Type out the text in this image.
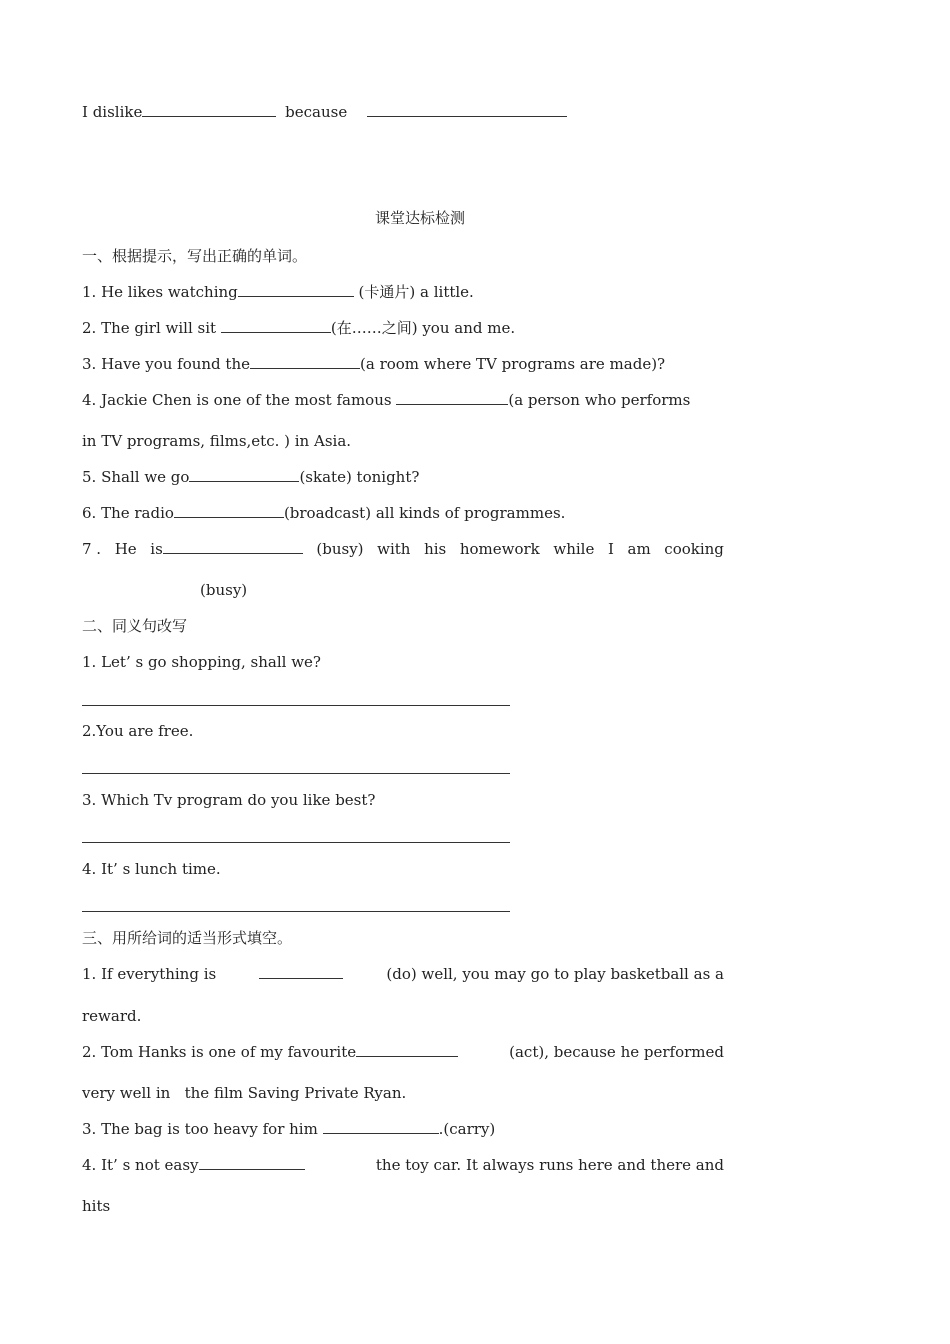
I dislike	because
课堂达标检测
一、根据提示，写出正确的单词。
1. He likes watching	(卡通片) a little.
2. The girl will sit	(在……之间) you and me.
3. Have you found the	(a room where TV programs are made)?
4. Jackie Chen is one of the most famous	(a person who performs
in TV programs, films,etc. ) in Asia.
5. Shall we go	(skate) tonight?
6. The radio	(broadcast) all kinds of programmes.
7 . He is	(busy) with his homework while I am cooking
(busy)
二、同义句改写
1. Let’ s go shopping, shall we?
2.You are free.
3. Which Tv program do you like best?
4. It’ s lunch time.
三、用所给词的适当形式填空。
1. If everything is	(do) well, you may go to play basketball as a
reward.
2. Tom Hanks is one of my favourite	(act), because he performed
very well in   the film Saving Private Ryan.
3. The bag is too heavy for him	.(carry)
4. It’ s not easy	the toy car. It always runs here and there and
hits
